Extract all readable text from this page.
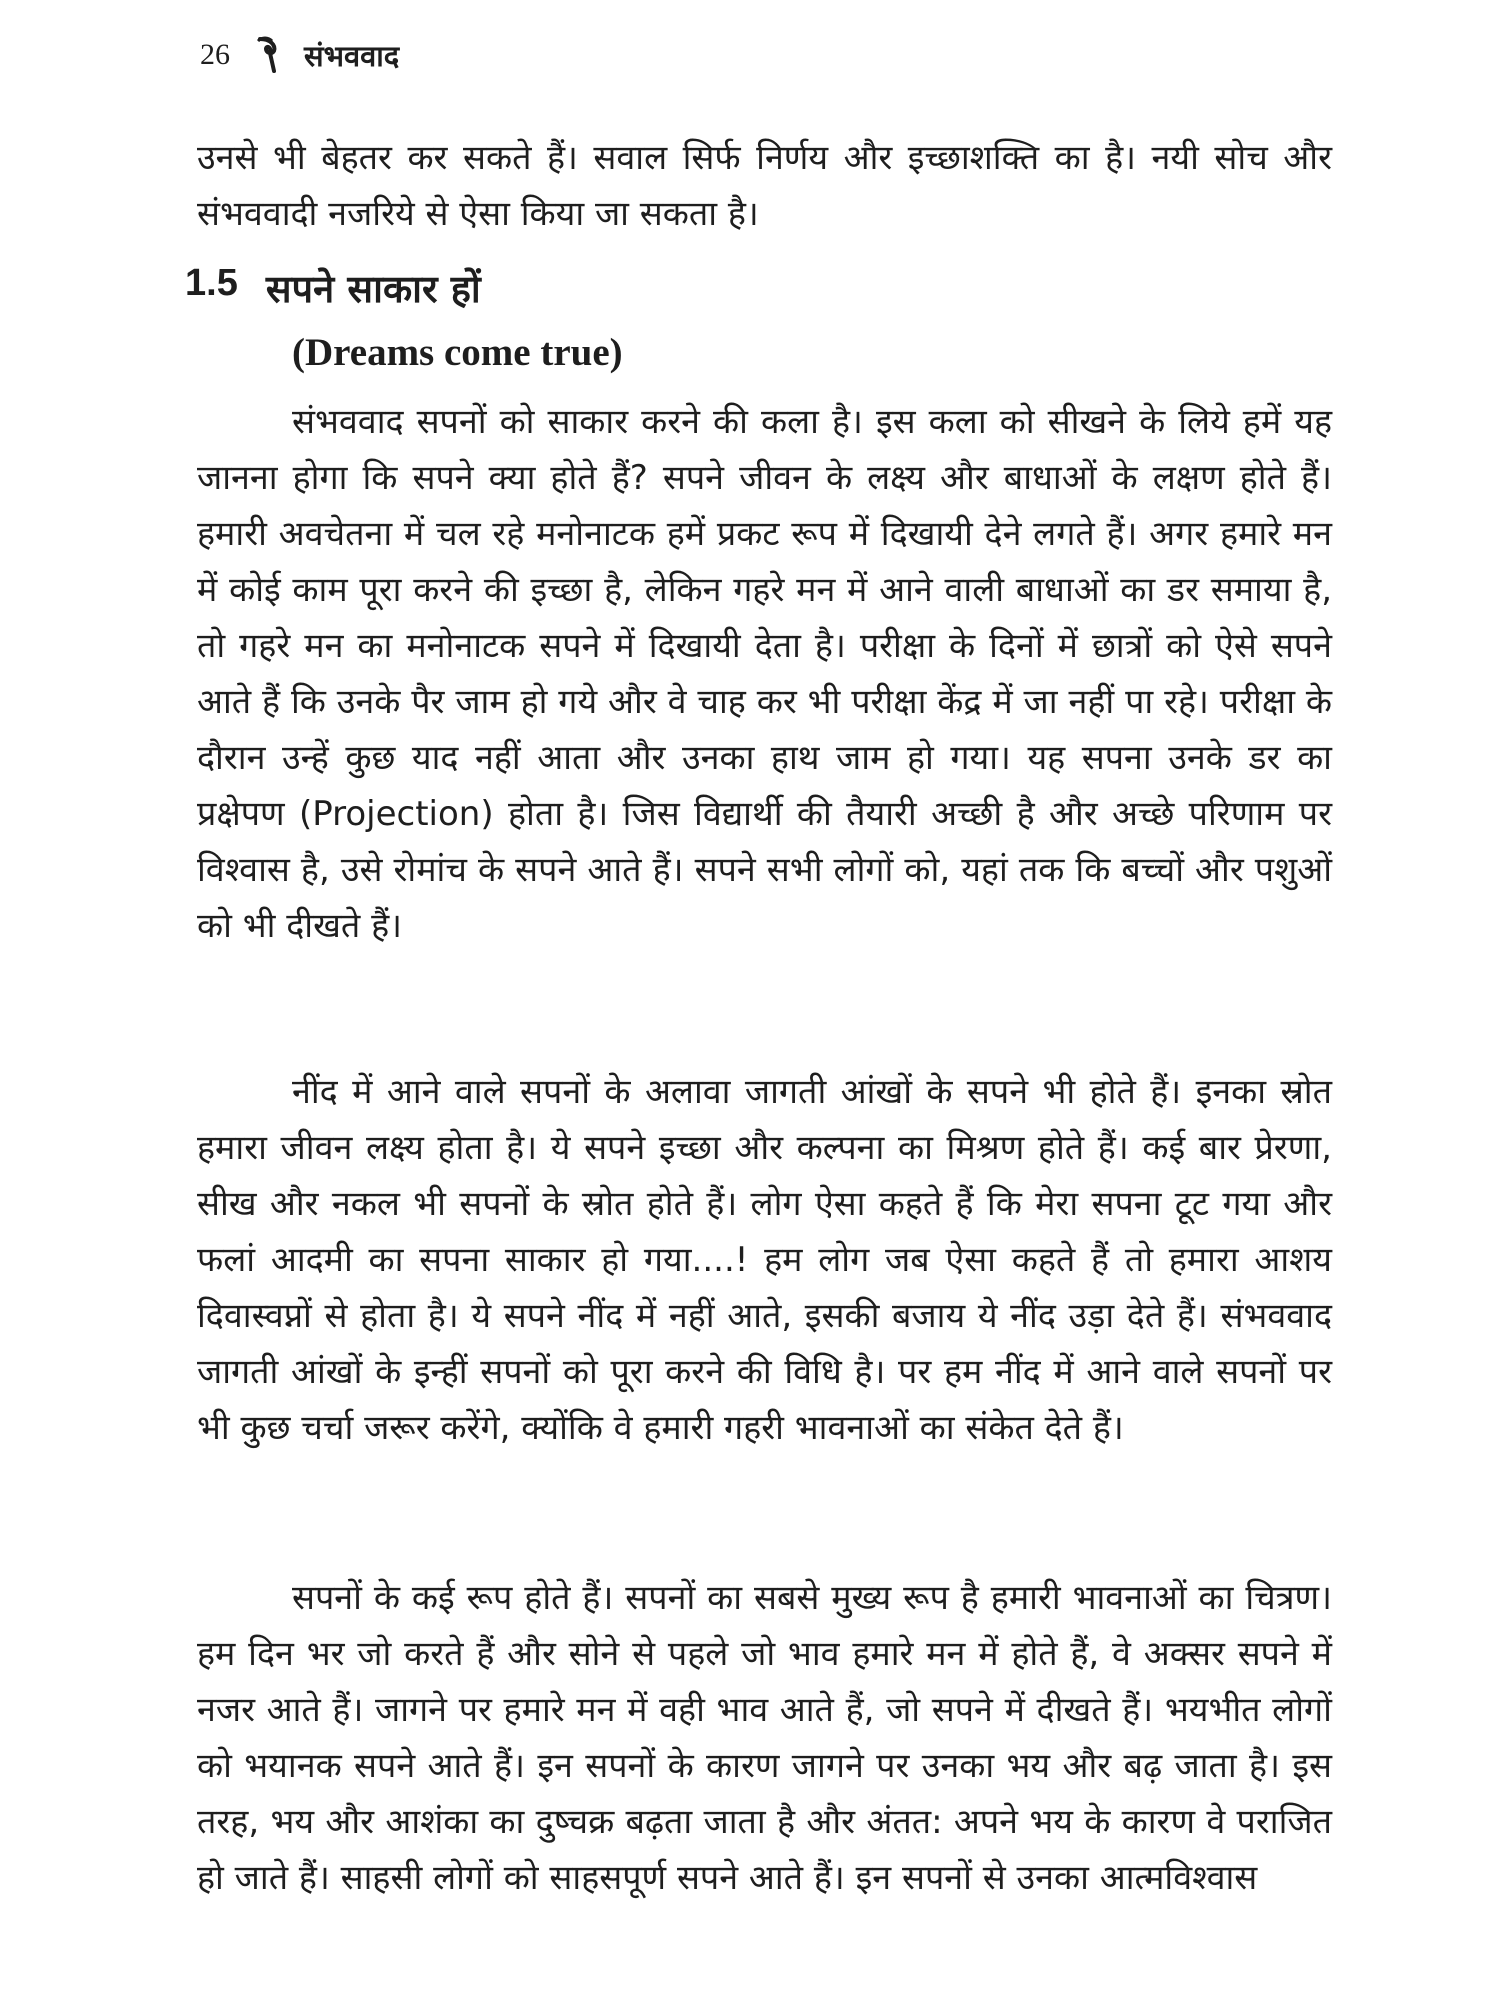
26	संभववाद

उनसे भी बेहतर कर सकते हैं। सवाल सिर्फ निर्णय और इच्छाशक्ति का है। नयी सोच और संभववादी नजरिये से ऐसा किया जा सकता है।

1.5 सपने साकार हों
(Dreams come true)

संभववाद सपनों को साकार करने की कला है। इस कला को सीखने के लिये हमें यह जानना होगा कि सपने क्या होते हैं? सपने जीवन के लक्ष्य और बाधाओं के लक्षण होते हैं। हमारी अवचेतना में चल रहे मनोनाटक हमें प्रकट रूप में दिखायी देने लगते हैं। अगर हमारे मन में कोई काम पूरा करने की इच्छा है, लेकिन गहरे मन में आने वाली बाधाओं का डर समाया है, तो गहरे मन का मनोनाटक सपने में दिखायी देता है। परीक्षा के दिनों में छात्रों को ऐसे सपने आते हैं कि उनके पैर जाम हो गये और वे चाह कर भी परीक्षा केंद्र में जा नहीं पा रहे। परीक्षा के दौरान उन्हें कुछ याद नहीं आता और उनका हाथ जाम हो गया। यह सपना उनके डर का प्रक्षेपण (Projection) होता है। जिस विद्यार्थी की तैयारी अच्छी है और अच्छे परिणाम पर विश्वास है, उसे रोमांच के सपने आते हैं। सपने सभी लोगों को, यहां तक कि बच्चों और पशुओं को भी दीखते हैं।

नींद में आने वाले सपनों के अलावा जागती आंखों के सपने भी होते हैं। इनका स्रोत हमारा जीवन लक्ष्य होता है। ये सपने इच्छा और कल्पना का मिश्रण होते हैं। कई बार प्रेरणा, सीख और नकल भी सपनों के स्रोत होते हैं। लोग ऐसा कहते हैं कि मेरा सपना टूट गया और फलां आदमी का सपना साकार हो गया....! हम लोग जब ऐसा कहते हैं तो हमारा आशय दिवास्वप्नों से होता है। ये सपने नींद में नहीं आते, इसकी बजाय ये नींद उड़ा देते हैं। संभववाद जागती आंखों के इन्हीं सपनों को पूरा करने की विधि है। पर हम नींद में आने वाले सपनों पर भी कुछ चर्चा जरूर करेंगे, क्योंकि वे हमारी गहरी भावनाओं का संकेत देते हैं।

सपनों के कई रूप होते हैं। सपनों का सबसे मुख्य रूप है हमारी भावनाओं का चित्रण। हम दिन भर जो करते हैं और सोने से पहले जो भाव हमारे मन में होते हैं, वे अक्सर सपने में नजर आते हैं। जागने पर हमारे मन में वही भाव आते हैं, जो सपने में दीखते हैं। भयभीत लोगों को भयानक सपने आते हैं। इन सपनों के कारण जागने पर उनका भय और बढ़ जाता है। इस तरह, भय और आशंका का दुष्चक्र बढ़ता जाता है और अंतत: अपने भय के कारण वे पराजित हो जाते हैं। साहसी लोगों को साहसपूर्ण सपने आते हैं। इन सपनों से उनका आत्मविश्वास
